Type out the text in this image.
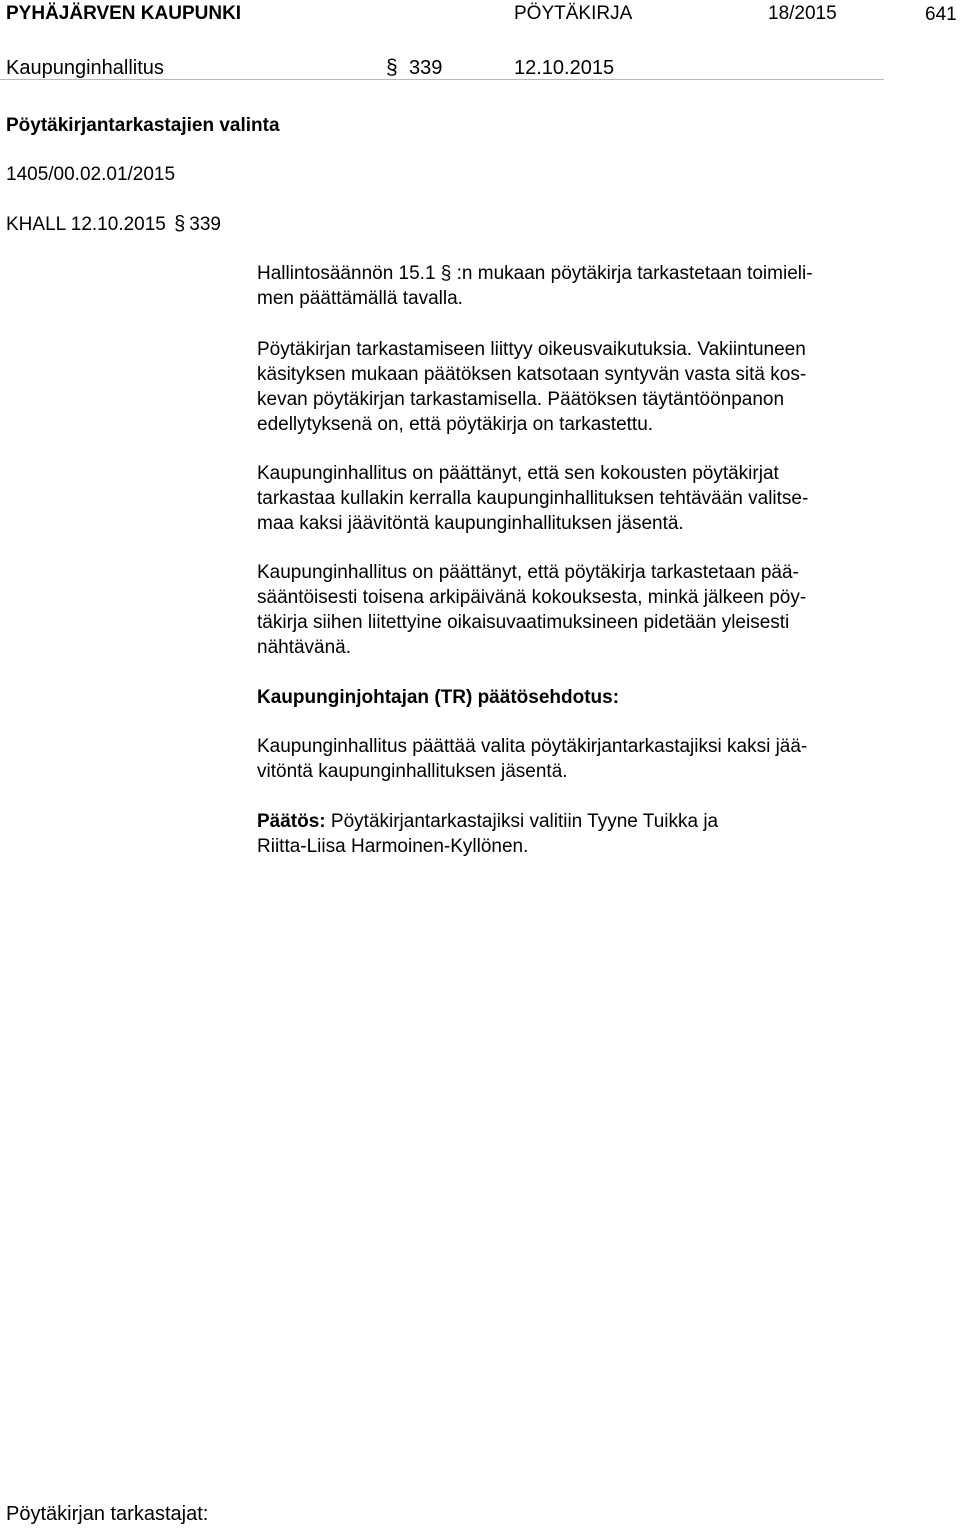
PYHÄJÄRVEN KAUPUNKI	PÖYTÄKIRJA	18/2015	641
Kaupunginhallitus	§ 339	12.10.2015
Pöytäkirjantarkastajien valinta
1405/00.02.01/2015
KHALL 12.10.2015 § 339
Hallintosäännön 15.1 § :n mukaan pöytäkirja tarkastetaan toimieli-
men päättämällä tavalla.
Pöytäkirjan tarkastamiseen liittyy oikeusvaikutuksia. Vakiintuneen
käsityksen mukaan päätöksen katsotaan syntyvän vasta sitä kos-
kevan pöytäkirjan tarkastamisella. Päätöksen täytäntöönpanon
edellytyksenä on, että pöytäkirja on tarkastettu.
Kaupunginhallitus on päättänyt, että sen kokousten pöytäkirjat
tarkastaa kullakin kerralla kaupunginhallituksen tehtävään valitse-
maa kaksi jäävitöntä kaupunginhallituksen jäsentä.
Kaupunginhallitus on päättänyt, että pöytäkirja tarkastetaan pää-
sääntöisesti toisena arkipäivänä kokouksesta, minkä jälkeen pöy-
täkirja siihen liitettyine oikaisuvaatimuksineen pidetään yleisesti
nähtävänä.
Kaupunginjohtajan (TR) päätösehdotus:
Kaupunginhallitus päättää valita pöytäkirjantarkastajiksi kaksi jää-
vitöntä kaupunginhallituksen jäsentä.
Päätös: Pöytäkirjantarkastajiksi valitiin Tyyne Tuikka ja
Riitta-Liisa Harmoinen-Kyllönen.
Pöytäkirjan tarkastajat:
